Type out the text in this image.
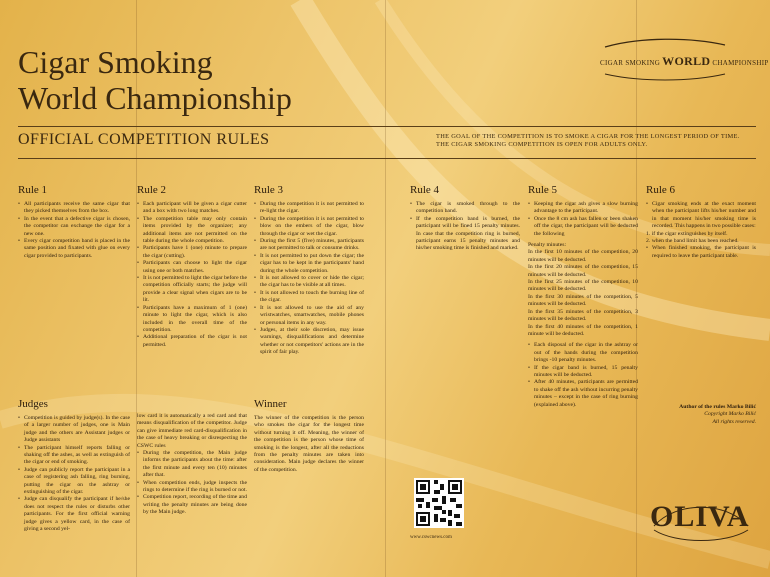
Cigar Smoking
World Championship
CIGAR SMOKING WORLD CHAMPIONSHIP
OFFICIAL COMPETITION RULES	THE GOAL OF THE COMPETITION IS TO SMOKE A CIGAR FOR THE LONGEST PERIOD OF TIME.
THE CIGAR SMOKING COMPETITION IS OPEN FOR ADULTS ONLY.
Rule 1
• All participants receive the same cigar that they picked themselves from the box.
• In the event that a defective cigar is chosen, the competitor can exchange the cigar for a new one.
• Every cigar competition band is placed in the same position and fixated with glue on every cigar provided to participants.
Rule 2
• Each participant will be given a cigar cutter and a box with two long matches.
• The competition table may only contain items provided by the organizer; any additional items are not permitted on the table during the whole competition.
• Participants have 1 (one) minute to prepare the cigar (cutting).
• Participants can choose to light the cigar using one or both matches.
• It is not permitted to light the cigar before the competition officially starts; the judge will provide a clear signal when cigars are to be lit.
• Participants have a maximum of 1 (one) minute to light the cigar, which is also included in the overall time of the competition.
• Additional preparation of the cigar is not permitted.
Rule 3
• During the competition it is not permitted to re-light the cigar.
• During the competition it is not permitted to blow on the embers of the cigar, blow through the cigar or wet the cigar.
• During the first 5 (five) minutes, participants are not permitted to talk or consume drinks.
• It is not permitted to put down the cigar; the cigar has to be kept in the participants' hand during the whole competition.
• It is not allowed to cover or hide the cigar; the cigar has to be visible at all times.
• It is not allowed to touch the burning line of the cigar.
• It is not allowed to use the aid of any wristwatches, smartwatches, mobile phones or personal items in any way.
• Judges, at their sole discretion, may issue warnings, disqualifications and determine whether or not competitors' actions are in the spirit of fair play.
Rule 4
• The cigar is smoked through to the competition band.
• If the competition band is burned, the participant will be fined 15 penalty minutes. In case that the competition ring is burned, participant earns 15 penalty minutes and his/her smoking time is finished and marked.
Rule 5
• Keeping the cigar ash gives a slow burning advantage to the participant.
• Once the 8 cm ash has fallen or been shaken off the cigar, the participant will be deducted the following

Penalty minutes:

In the first 10 minutes of the competition, 20 minutes will be deducted.

In the first 20 minutes of the competition, 15 minutes will be deducted.

In the first 25 minutes of the competition, 10 minutes will be deducted.

In the first 30 minutes of the competition, 5 minutes will be deducted.

In the first 35 minutes of the competition, 3 minutes will be deducted.

In the first 40 minutes of the competition, 1 minute will be deducted.

• Each disposal of the cigar in the ashtray or out of the hands during the competition brings -10 penalty minutes.
• If the cigar band is burned, 15 penalty minutes will be deducted.
• After 40 minutes, participants are permitted to shake off the ash without incurring penalty minutes – except in the case of ring burning (explained above).
Rule 6
• Cigar smoking ends at the exact moment when the participant lifts his/her number and in that moment his/her smoking time is recorded. This happens in two possible cases:
1. if the cigar extinguishes by itself.
2. when the band limit has been reached.
• When finished smoking, the participant is required to leave the participant table.
Judges
• Competition is guided by judge(s). In the case of a larger number of judges, one is Main judge and the others are Assistant judges or Judge assistants
• The participant himself reports falling or shaking off the ashes, as well as extinguish of the cigar or end of smoking.
• Judge can publicly report the participant in a case of registering ash falling, ring burning, putting the cigar on the ashtray or extinguishing of the cigar.
• Judge can disqualify the participant if he/she does not respect the rules or disturbs other participants. For the first official warning judge gives a yellow card, in the case of giving a second yel-

low card it is automatically a red card and that means disqualification of the competitor. Judge can give immediate red card-disqualification in the case of heavy breaking or disrespecting the CSWC rules

• During the competition, the Main judge informs the participants about the time: after the first minute and every ten (10) minutes after that.
• When competition ends, judge inspects the rings to determine if the ring is burned or not.
• Competition report, recording of the time and writing the penalty minutes are being done by the Main judge.
Winner

The winner of the competition is the person who smokes the cigar for the longest time without turning it off. Meaning, the winner of the competition is the person whose time of smoking is the longest, after all the reductions from the penalty minutes are taken into consideration. Main judge declares the winner of the competition.

www.cswcnews.com
Author of the rules Marko Bilić
Copyright Marko Bilić
All rights reserved.
OLIVA
